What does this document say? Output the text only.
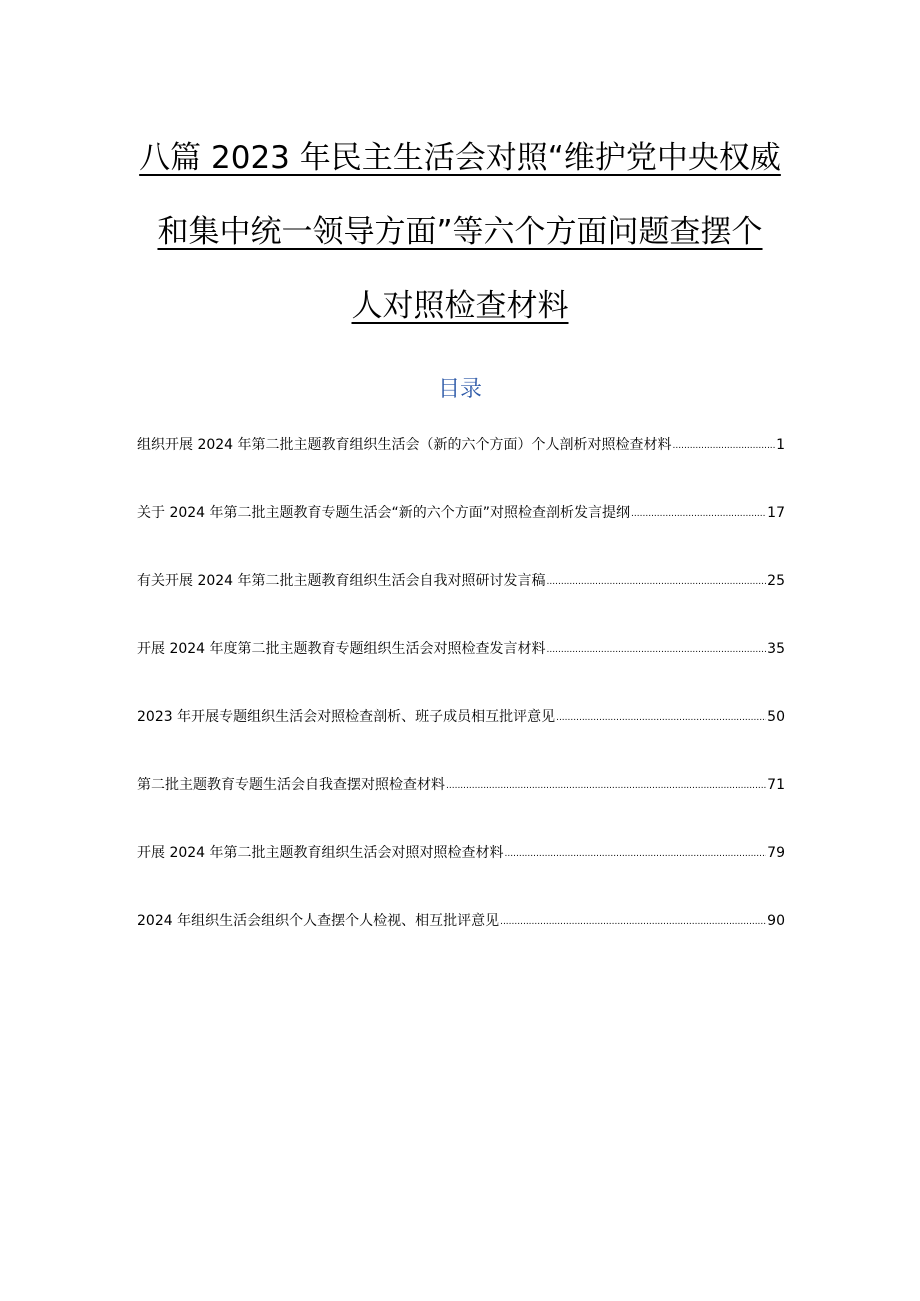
八篇 2023 年民主生活会对照“维护党中央权威
和集中统一领导方面”等六个方面问题查摆个
人对照检查材料
目录
组织开展 2024 年第二批主题教育组织生活会（新的六个方面）个人剖析对照检查材料 .....	1
关于 2024 年第二批主题教育专题生活会“新的六个方面”对照检查剖析发言提纲 .....	17
有关开展 2024 年第二批主题教育组织生活会自我对照研讨发言稿 .....	25
开展 2024 年度第二批主题教育专题组织生活会对照检查发言材料 .....	35
2023 年开展专题组织生活会对照检查剖析、班子成员相互批评意见 .....	50
第二批主题教育专题生活会自我查摆对照检查材料 .....	71
开展 2024 年第二批主题教育组织生活会对照对照检查材料 .....	79
2024 年组织生活会组织个人查摆个人检视、相互批评意见 .....	90
